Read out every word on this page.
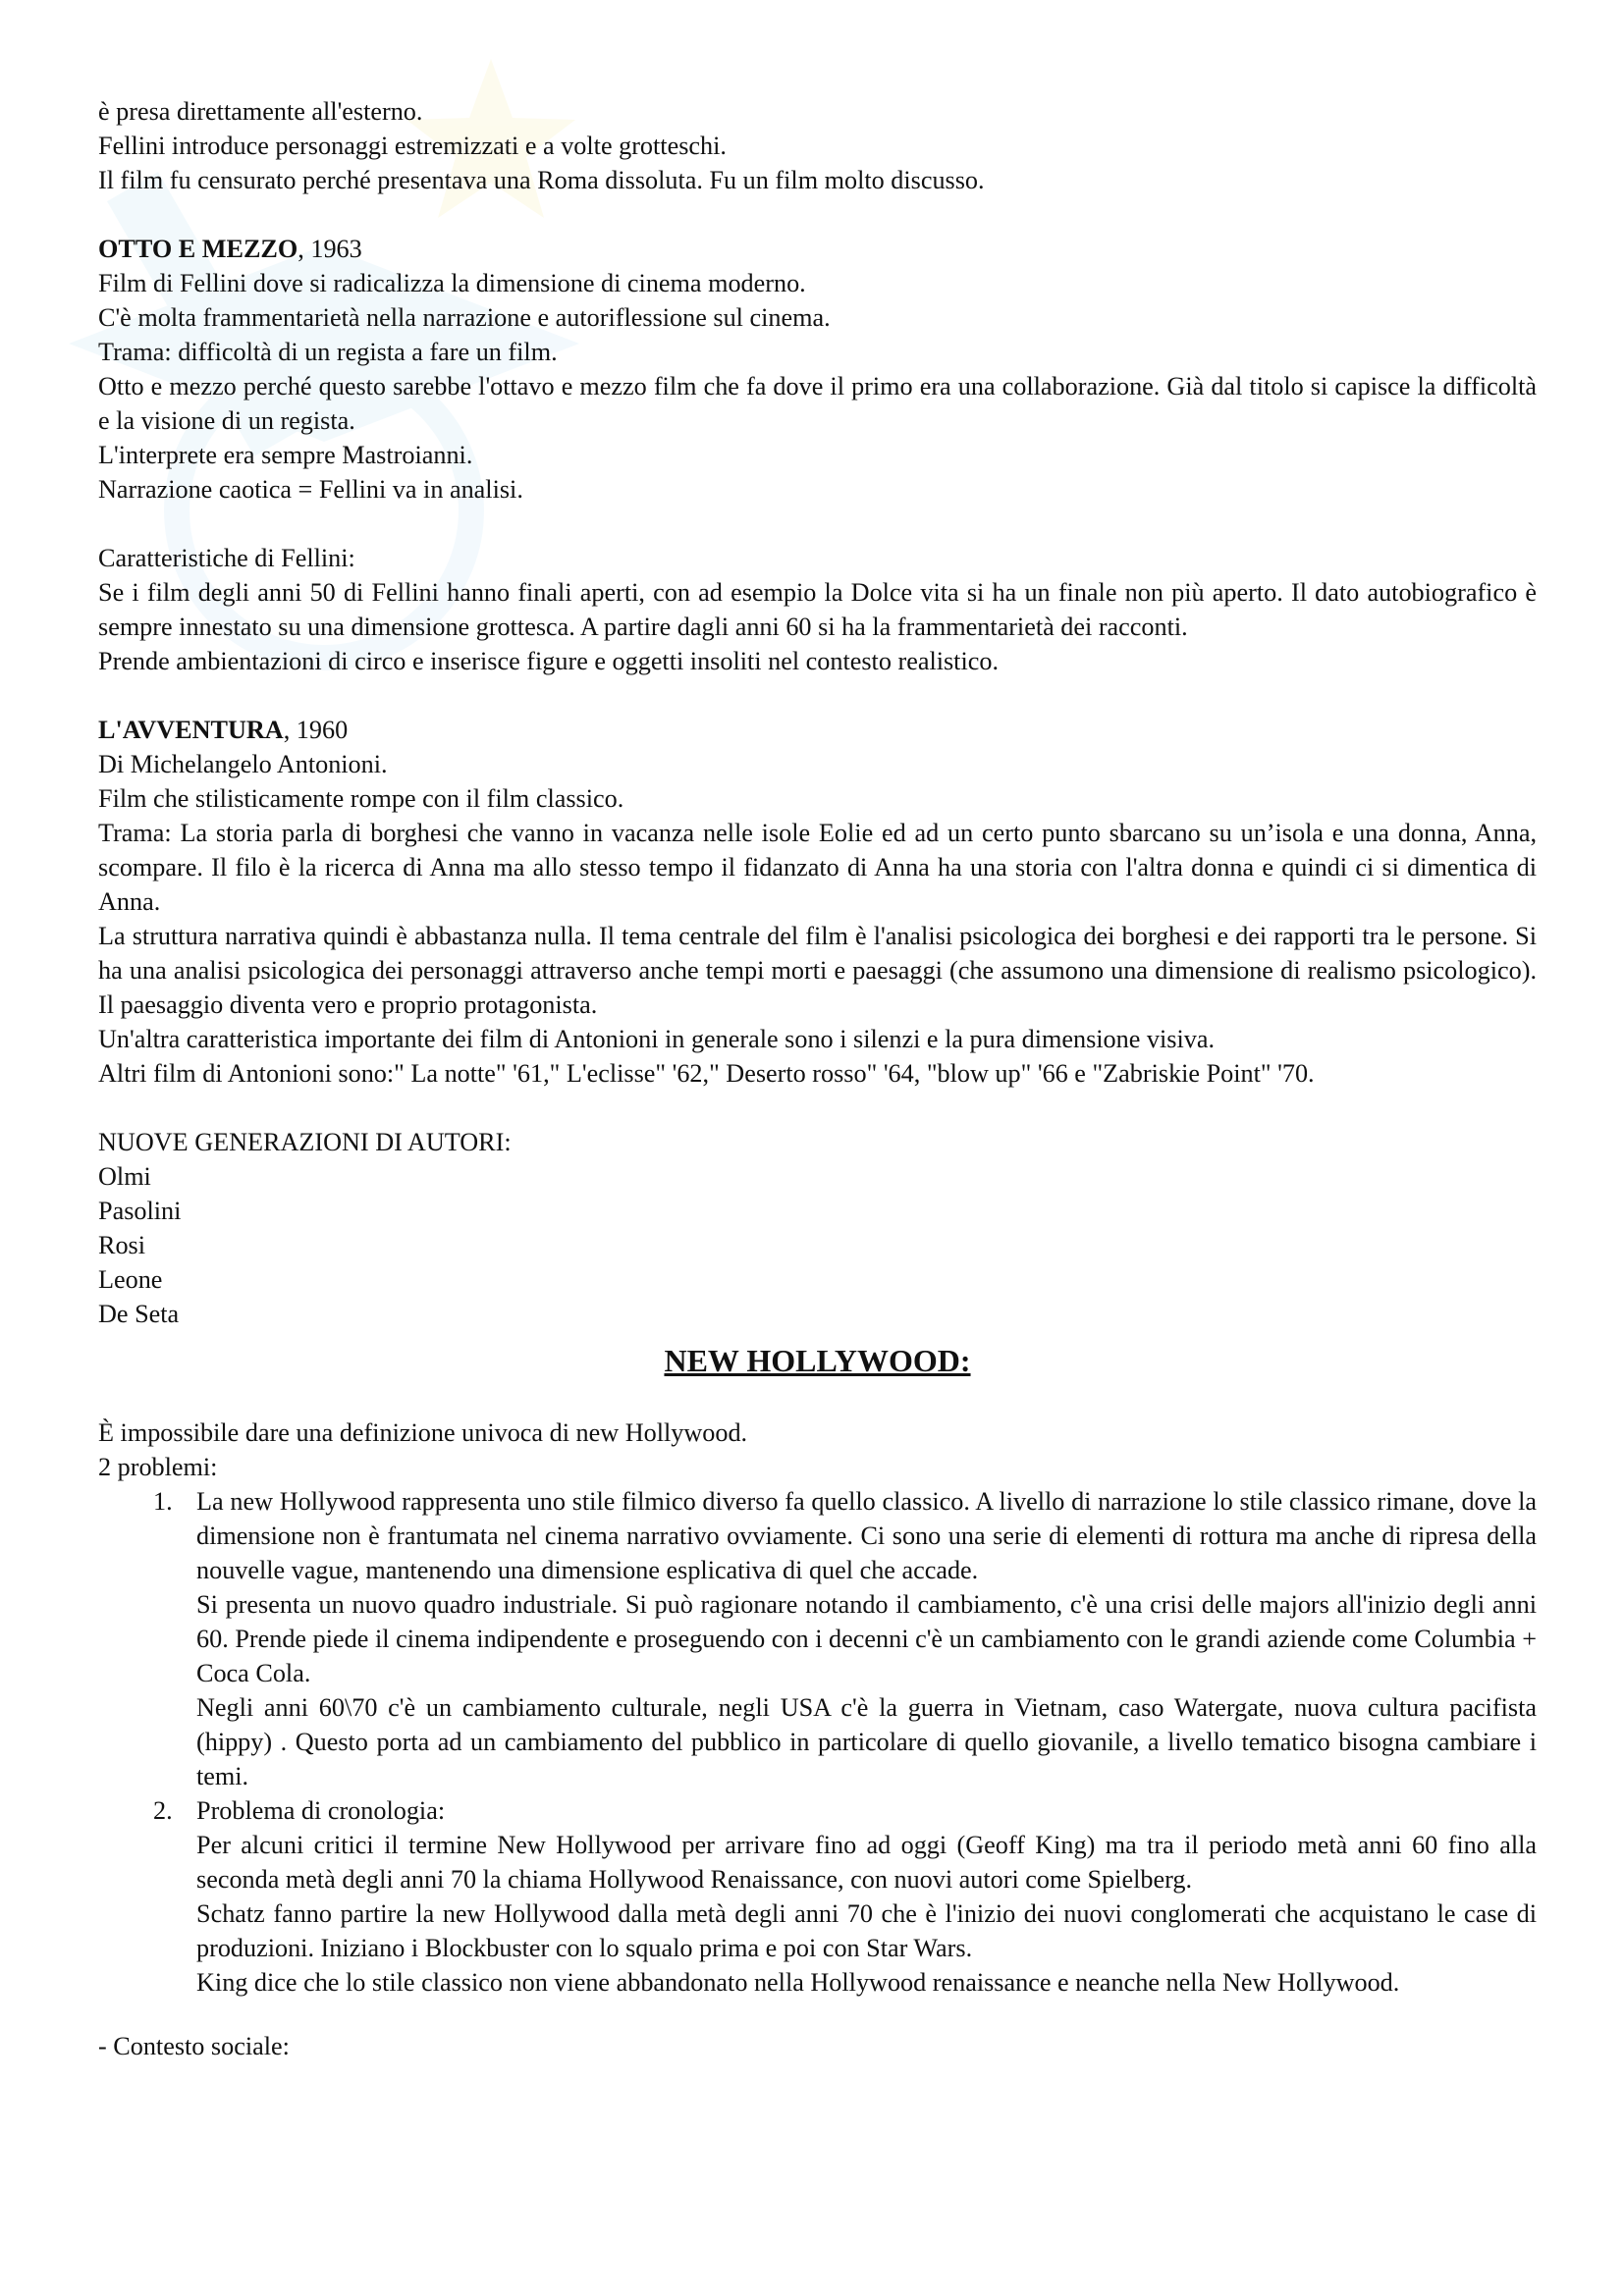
è presa direttamente all'esterno.

Fellini introduce personaggi estremizzati e a volte grotteschi.

Il film fu censurato perché presentava una Roma dissoluta. Fu un film molto discusso.

OTTO E MEZZO, 1963

Film di Fellini dove si radicalizza la dimensione di cinema moderno.

C'è molta frammentarietà nella narrazione e autoriflessione sul cinema.

Trama: difficoltà di un regista a fare un film.

Otto e mezzo perché questo sarebbe l'ottavo e mezzo film che fa dove il primo era una collaborazione. Già dal titolo si capisce la difficoltà e la visione di un regista.

L'interprete era sempre Mastroianni.

Narrazione caotica = Fellini va in analisi.

Caratteristiche di Fellini:

Se i film degli anni 50 di Fellini hanno finali aperti, con ad esempio la Dolce vita si ha un finale non più aperto. Il dato autobiografico è sempre innestato su una dimensione grottesca. A partire dagli anni 60 si ha la frammentarietà dei racconti.

Prende ambientazioni di circo e inserisce figure e oggetti insoliti nel contesto realistico.

L'AVVENTURA, 1960

Di Michelangelo Antonioni.

Film che stilisticamente rompe con il film classico.

Trama: La storia parla di borghesi che vanno in vacanza nelle isole Eolie ed ad un certo punto sbarcano su un’isola e una donna, Anna, scompare. Il filo è la ricerca di Anna ma allo stesso tempo il fidanzato di Anna ha una storia con l'altra donna e quindi ci si dimentica di Anna.

La struttura narrativa quindi è abbastanza nulla. Il tema centrale del film è l'analisi psicologica dei borghesi e dei rapporti tra le persone. Si ha una analisi psicologica dei personaggi attraverso anche tempi morti e paesaggi (che assumono una dimensione di realismo psicologico). Il paesaggio diventa vero e proprio protagonista.

Un'altra caratteristica importante dei film di Antonioni in generale sono i silenzi e la pura dimensione visiva.

Altri film di Antonioni sono:" La notte" '61," L'eclisse" '62," Deserto rosso" '64, "blow up" '66 e "Zabriskie Point" '70.

NUOVE GENERAZIONI DI AUTORI:

Olmi

Pasolini

Rosi

Leone

De Seta

NEW HOLLYWOOD:

È impossibile dare una definizione univoca di new Hollywood.

2 problemi:

1. La new Hollywood rappresenta uno stile filmico diverso fa quello classico. A livello di narrazione lo stile classico rimane, dove la dimensione non è frantumata nel cinema narrativo ovviamente. Ci sono una serie di elementi di rottura ma anche di ripresa della nouvelle vague, mantenendo una dimensione esplicativa di quel che accade.

Si presenta un nuovo quadro industriale. Si può ragionare notando il cambiamento, c'è una crisi delle majors all'inizio degli anni 60. Prende piede il cinema indipendente e proseguendo con i decenni c'è un cambiamento con le grandi aziende come Columbia + Coca Cola.

Negli anni 60\70 c'è un cambiamento culturale, negli USA c'è la guerra in Vietnam, caso Watergate, nuova cultura pacifista (hippy) . Questo porta ad un cambiamento del pubblico in particolare di quello giovanile, a livello tematico bisogna cambiare i temi.

2. Problema di cronologia:

Per alcuni critici il termine New Hollywood per arrivare fino ad oggi (Geoff King) ma tra il periodo metà anni 60 fino alla seconda metà degli anni 70 la chiama Hollywood Renaissance, con nuovi autori come Spielberg.

Schatz fanno partire la new Hollywood dalla metà degli anni 70 che è l'inizio dei nuovi conglomerati che acquistano le case di produzioni. Iniziano i Blockbuster con lo squalo prima e poi con Star Wars.

King dice che lo stile classico non viene abbandonato nella Hollywood renaissance e neanche nella New Hollywood.

- Contesto sociale:
